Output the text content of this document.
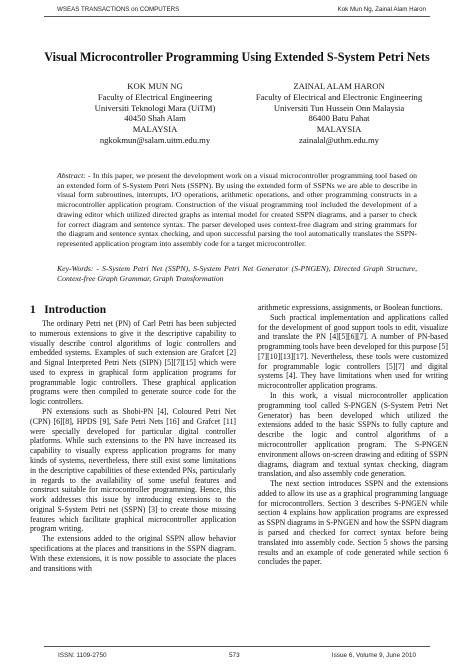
WSEAS TRANSACTIONS on COMPUTERS	Kok Mun Ng, Zainal Alam Haron
Visual Microcontroller Programming Using Extended S-System Petri Nets
KOK MUN NG
Faculty of Electrical Engineering
Universiti Teknologi Mara (UiTM)
40450 Shah Alam
MALAYSIA
ngkokmun@salam.uitm.edu.my
ZAINAL ALAM HARON
Faculty of Electrical and Electronic Engineering
Universiti Tun Hussein Onn Malaysia
86400 Batu Pahat
MALAYSIA
zainalal@uthm.edu.my
Abstract: - In this paper, we present the development work on a visual microcontroller programming tool based on an extended form of S-System Petri Nets (SSPN). By using the extended form of SSPNs we are able to describe in visual form subroutines, interrupts, I/O operations, arithmetic operations, and other programming constructs in a microcontroller application program. Construction of the visual programming tool included the development of a drawing editor which utilized directed graphs as internal model for created SSPN diagrams, and a parser to check for correct diagram and sentence syntax. The parser developed uses context-free diagram and string grammars for the diagram and sentence syntax checking, and upon successful parsing the tool automatically translates the SSPN-represented application program into assembly code for a target microcontroller.
Key-Words: - S-System Petri Net (SSPN), S-System Petri Net Generator (S-PNGEN), Directed Graph Structure, Context-free Graph Grammar, Graph Transformation
1 Introduction

The ordinary Petri net (PN) of Carl Petri has been subjected to numerous extensions to give it the descriptive capability to visually describe control algorithms of logic controllers and embedded systems. Examples of such extension are Grafcet [2] and Signal Interpreted Petri Nets (SIPN) [5][7][15] which were used to express in graphical form application programs for programmable logic controllers. These graphical application programs were then compiled to generate source code for the logic controllers.

PN extensions such as Shobi-PN [4], Coloured Petri Net (CPN) [6][8], HPDS [9], Safe Petri Nets [16] and Grafcet [11] were specially developed for particular digital controller platforms. While such extensions to the PN have increased its capability to visually express application programs for many kinds of systems, nevertheless, there still exist some limitations in the descriptive capabilities of these extended PNs, particularly in regards to the availability of some useful features and construct suitable for microcontroller programming. Hence, this work addresses this issue by introducing extensions to the original S-System Petri net (SSPN) [3] to create those missing features which facilitate graphical microcontroller application program writing.

The extensions added to the original SSPN allow behavior specifications at the places and transitions in the SSPN diagram. With these extensions, it is now possible to associate the places and transitions with

arithmetic expressions, assignments, or Boolean functions.

Such practical implementation and applications called for the development of good support tools to edit, visualize and translate the PN [4][5][6][7]. A number of PN-based programming tools have been developed for this purpose [5][7][10][13][17]. Nevertheless, these tools were customized for programmable logic controllers [5][7] and digital systems [4]. They have limitations when used for writing microcontroller application programs.

In this work, a visual microcontroller application programming tool called S-PNGEN (S-System Petri Net Generator) has been developed which utilized the extensions added to the basic SSPNs to fully capture and describe the logic and control algorithms of a microcontroller application program. The S-PNGEN environment allows on-screen drawing and editing of SSPN diagrams, diagram and textual syntax checking, diagram translation, and also assembly code generation.

The next section introduces SSPN and the extensions added to allow its use as a graphical programming language for microcontrollers. Section 3 describes S-PNGEN while section 4 explains how application programs are expressed as SSPN diagrams in S-PNGEN and how the SSPN diagram is parsed and checked for correct syntax before being translated into assembly code. Section 5 shows the parsing results and an example of code generated while section 6 concludes the paper.

ISSN: 1109-2750	573	Issue 6, Volume 9, June 2010
